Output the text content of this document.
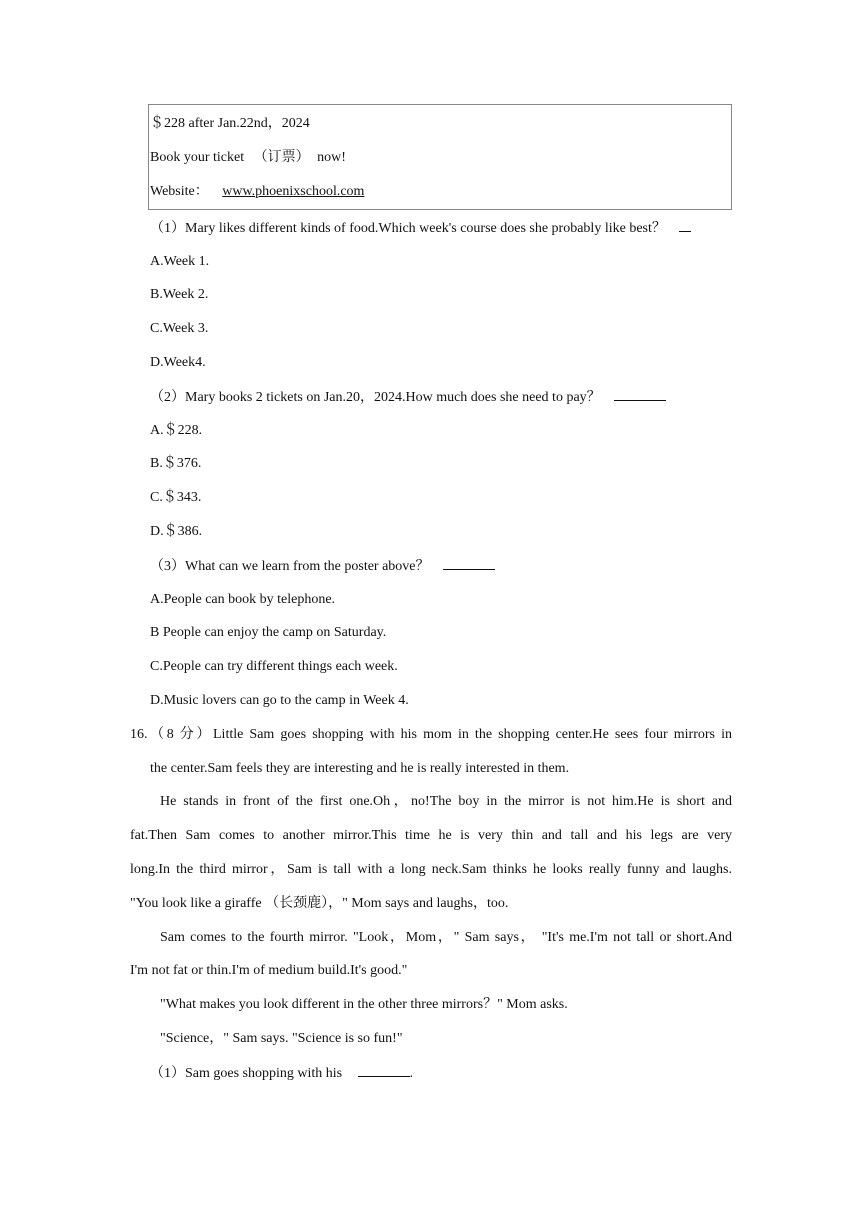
＄228 after Jan.22nd，2024
Book your ticket （订票） now!
Website： www.phoenixschool.com
（1）Mary likes different kinds of food.Which week's course does she probably like best？
A.Week 1.
B.Week 2.
C.Week 3.
D.Week4.
（2）Mary books 2 tickets on Jan.20，2024.How much does she need to pay？
A.＄228.
B.＄376.
C.＄343.
D.＄386.
（3）What can we learn from the poster above？
A.People can book by telephone.
B People can enjoy the camp on Saturday.
C.People can try different things each week.
D.Music lovers can go to the camp in Week 4.
16.（8 分）Little Sam goes shopping with his mom in the shopping center.He sees four mirrors in
the center.Sam feels they are interesting and he is really interested in them.
He stands in front of the first one.Oh，no!The boy in the mirror is not him.He is short and
fat.Then Sam comes to another mirror.This time he is very thin and tall and his legs are very
long.In the third mirror，Sam is tall with a long neck.Sam thinks he looks really funny and laughs.
"You look like a giraffe （长颈鹿），" Mom says and laughs，too.
Sam comes to the fourth mirror. "Look，Mom，" Sam says， "It's me.I'm not tall or short.And
I'm not fat or thin.I'm of medium build.It's good."
"What makes you look different in the other three mirrors？" Mom asks.
"Science，" Sam says. "Science is so fun!"
（1）Sam goes shopping with his	.
